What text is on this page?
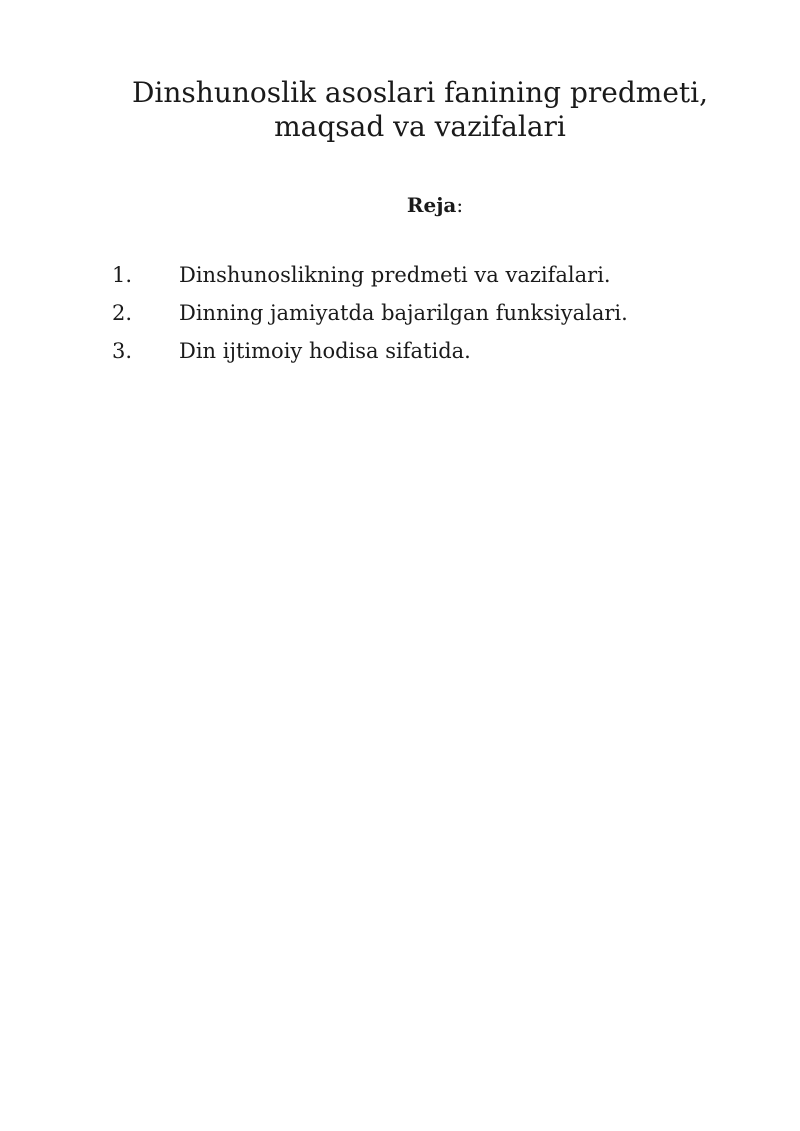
Dinshunoslik asoslari fanining predmeti,
maqsad va vazifalari
Reja:
1.	Dinshunoslikning predmeti va vazifalari.
2.	Dinning jamiyatda bajarilgan funksiyalari.
3.	Din ijtimoiy hodisa sifatida.
